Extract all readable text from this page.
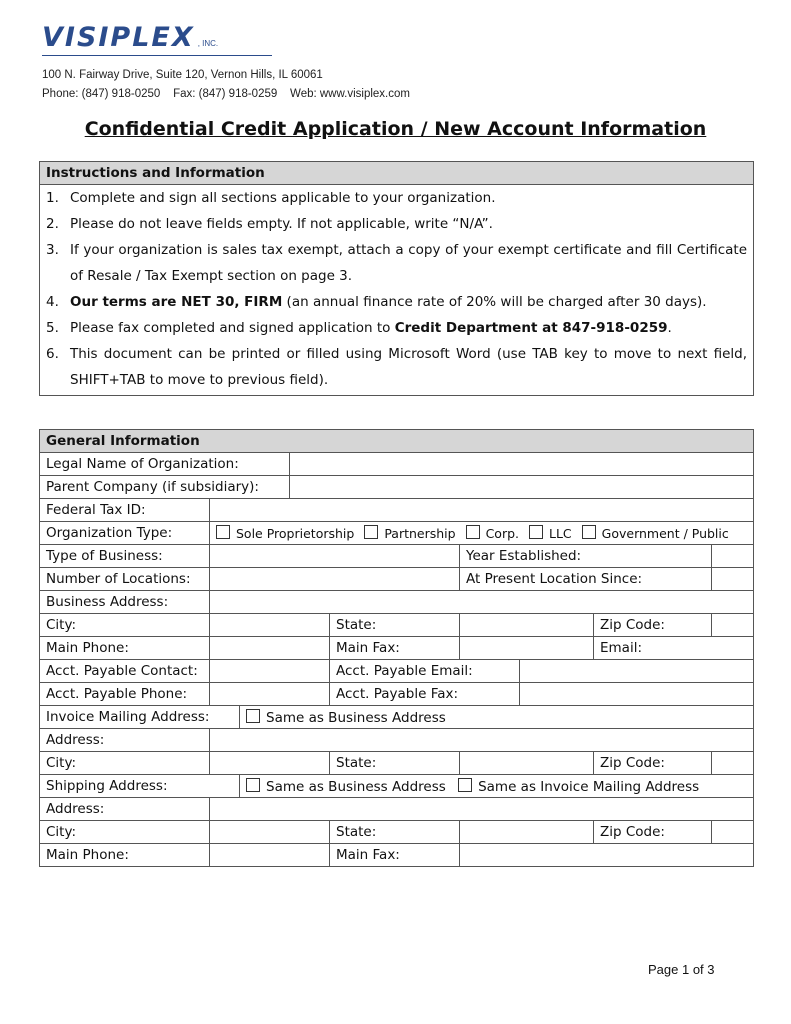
VISIPLEX , INC.
100 N. Fairway Drive, Suite 120, Vernon Hills, IL 60061
Phone: (847) 918-0250    Fax: (847) 918-0259    Web: www.visiplex.com
Confidential Credit Application / New Account Information
Instructions and Information

1. Complete and sign all sections applicable to your organization.
2. Please do not leave fields empty. If not applicable, write “N/A”.
3. If your organization is sales tax exempt, attach a copy of your exempt certificate and fill Certificate of Resale / Tax Exempt section on page 3.
4. Our terms are NET 30, FIRM (an annual finance rate of 20% will be charged after 30 days).
5. Please fax completed and signed application to Credit Department at 847-918-0259.
6. This document can be printed or filled using Microsoft Word (use TAB key to move to next field, SHIFT+TAB to move to previous field).
General Information								
Legal Name of Organization:								
Parent Company (if subsidiary):								
Federal Tax ID:								
Organization Type:	Sole Proprietorship Partnership Corp. LLC Government / Public							
Type of Business:					Year Established:			
Number of Locations:					At Present Location Since:			
Business Address:								
City:				State:			Zip Code:	
Main Phone:				Main Fax:			Email:	
Acct. Payable Contact:				Acct. Payable Email:				
Acct. Payable Phone:				Acct. Payable Fax:				
Invoice Mailing Address:		Same as Business Address						
Address:								
City:				State:			Zip Code:	
Shipping Address:		Same as Business Address Same as Invoice Mailing Address						
Address:								
City:				State:			Zip Code:	
Main Phone:				Main Fax:				
Page 1 of 3
